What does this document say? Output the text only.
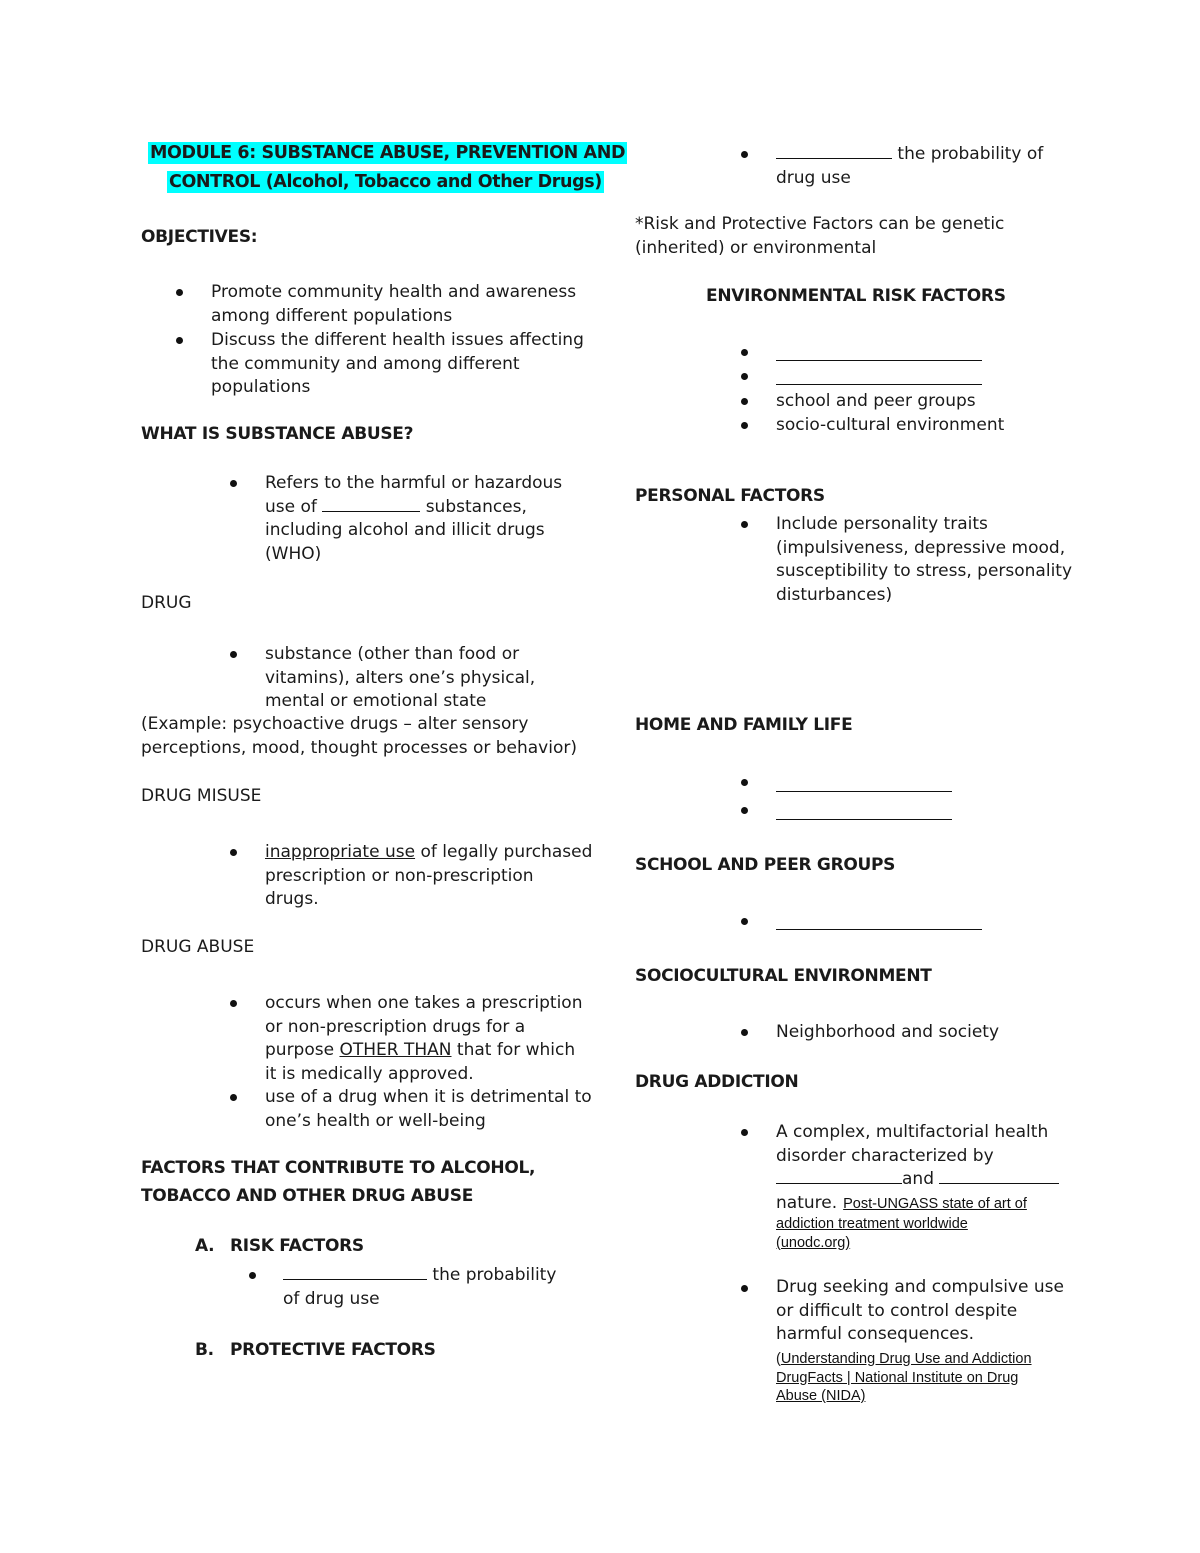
MODULE 6: SUBSTANCE ABUSE, PREVENTION AND
CONTROL (Alcohol, Tobacco and Other Drugs)
OBJECTIVES:
Promote community health and awareness
among different populations
Discuss the different health issues affecting
the community and among different
populations
WHAT IS SUBSTANCE ABUSE?
Refers to the harmful or hazardous
use of	substances,
including alcohol and illicit drugs
(WHO)
DRUG
substance (other than food or
vitamins), alters one’s physical,
mental or emotional state
(Example: psychoactive drugs – alter sensory
perceptions, mood, thought processes or behavior)
DRUG MISUSE
inappropriate use of legally purchased
prescription or non-prescription
drugs.
DRUG ABUSE
occurs when one takes a prescription
or non-prescription drugs for a
purpose OTHER THAN that for which
it is medically approved.
use of a drug when it is detrimental to
one’s health or well-being
FACTORS THAT CONTRIBUTE TO ALCOHOL,
TOBACCO AND OTHER DRUG ABUSE
A. RISK FACTORS
the probability
of drug use
B. PROTECTIVE FACTORS
the probability of
drug use
*Risk and Protective Factors can be genetic
(inherited) or environmental
ENVIRONMENTAL RISK FACTORS
school and peer groups
socio-cultural environment
PERSONAL FACTORS
Include personality traits
(impulsiveness, depressive mood,
susceptibility to stress, personality
disturbances)
HOME AND FAMILY LIFE
SCHOOL AND PEER GROUPS
SOCIOCULTURAL ENVIRONMENT
Neighborhood and society
DRUG ADDICTION
A complex, multifactorial health
disorder characterized by
and
nature. Post-UNGASS state of art of
addiction treatment worldwide
(unodc.org)
Drug seeking and compulsive use
or difficult to control despite
harmful consequences.
(Understanding Drug Use and Addiction
DrugFacts | National Institute on Drug
Abuse (NIDA)
